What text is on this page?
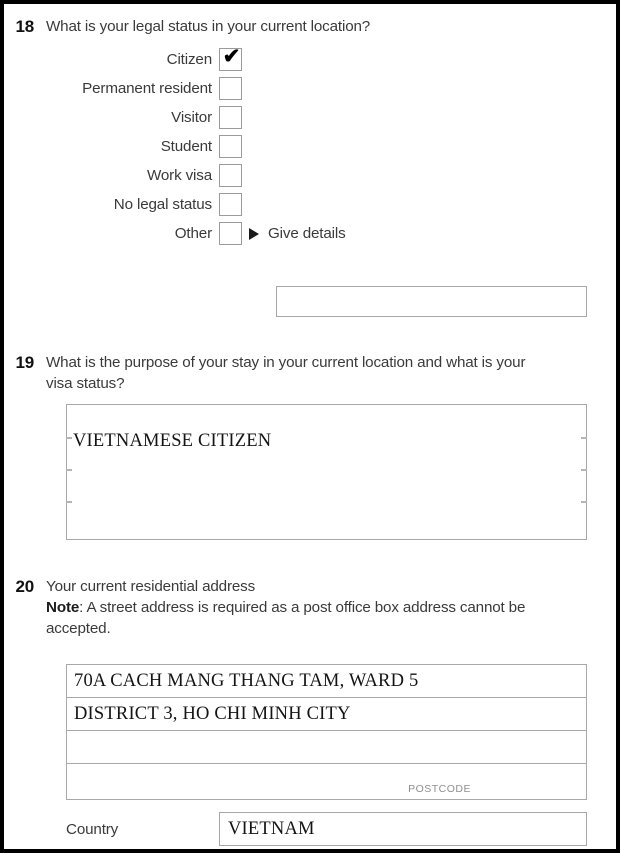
18 What is your legal status in your current location?
Citizen ✔
Permanent resident
Visitor
Student
Work visa
No legal status
Other	Give details
19 What is the purpose of your stay in your current location and what is your visa status?
VIETNAMESE CITIZEN
20 Your current residential address
Note: A street address is required as a post office box address cannot be accepted.
70A CACH MANG THANG TAM, WARD 5
DISTRICT 3, HO CHI MINH CITY
POSTCODE
Country	VIETNAM
